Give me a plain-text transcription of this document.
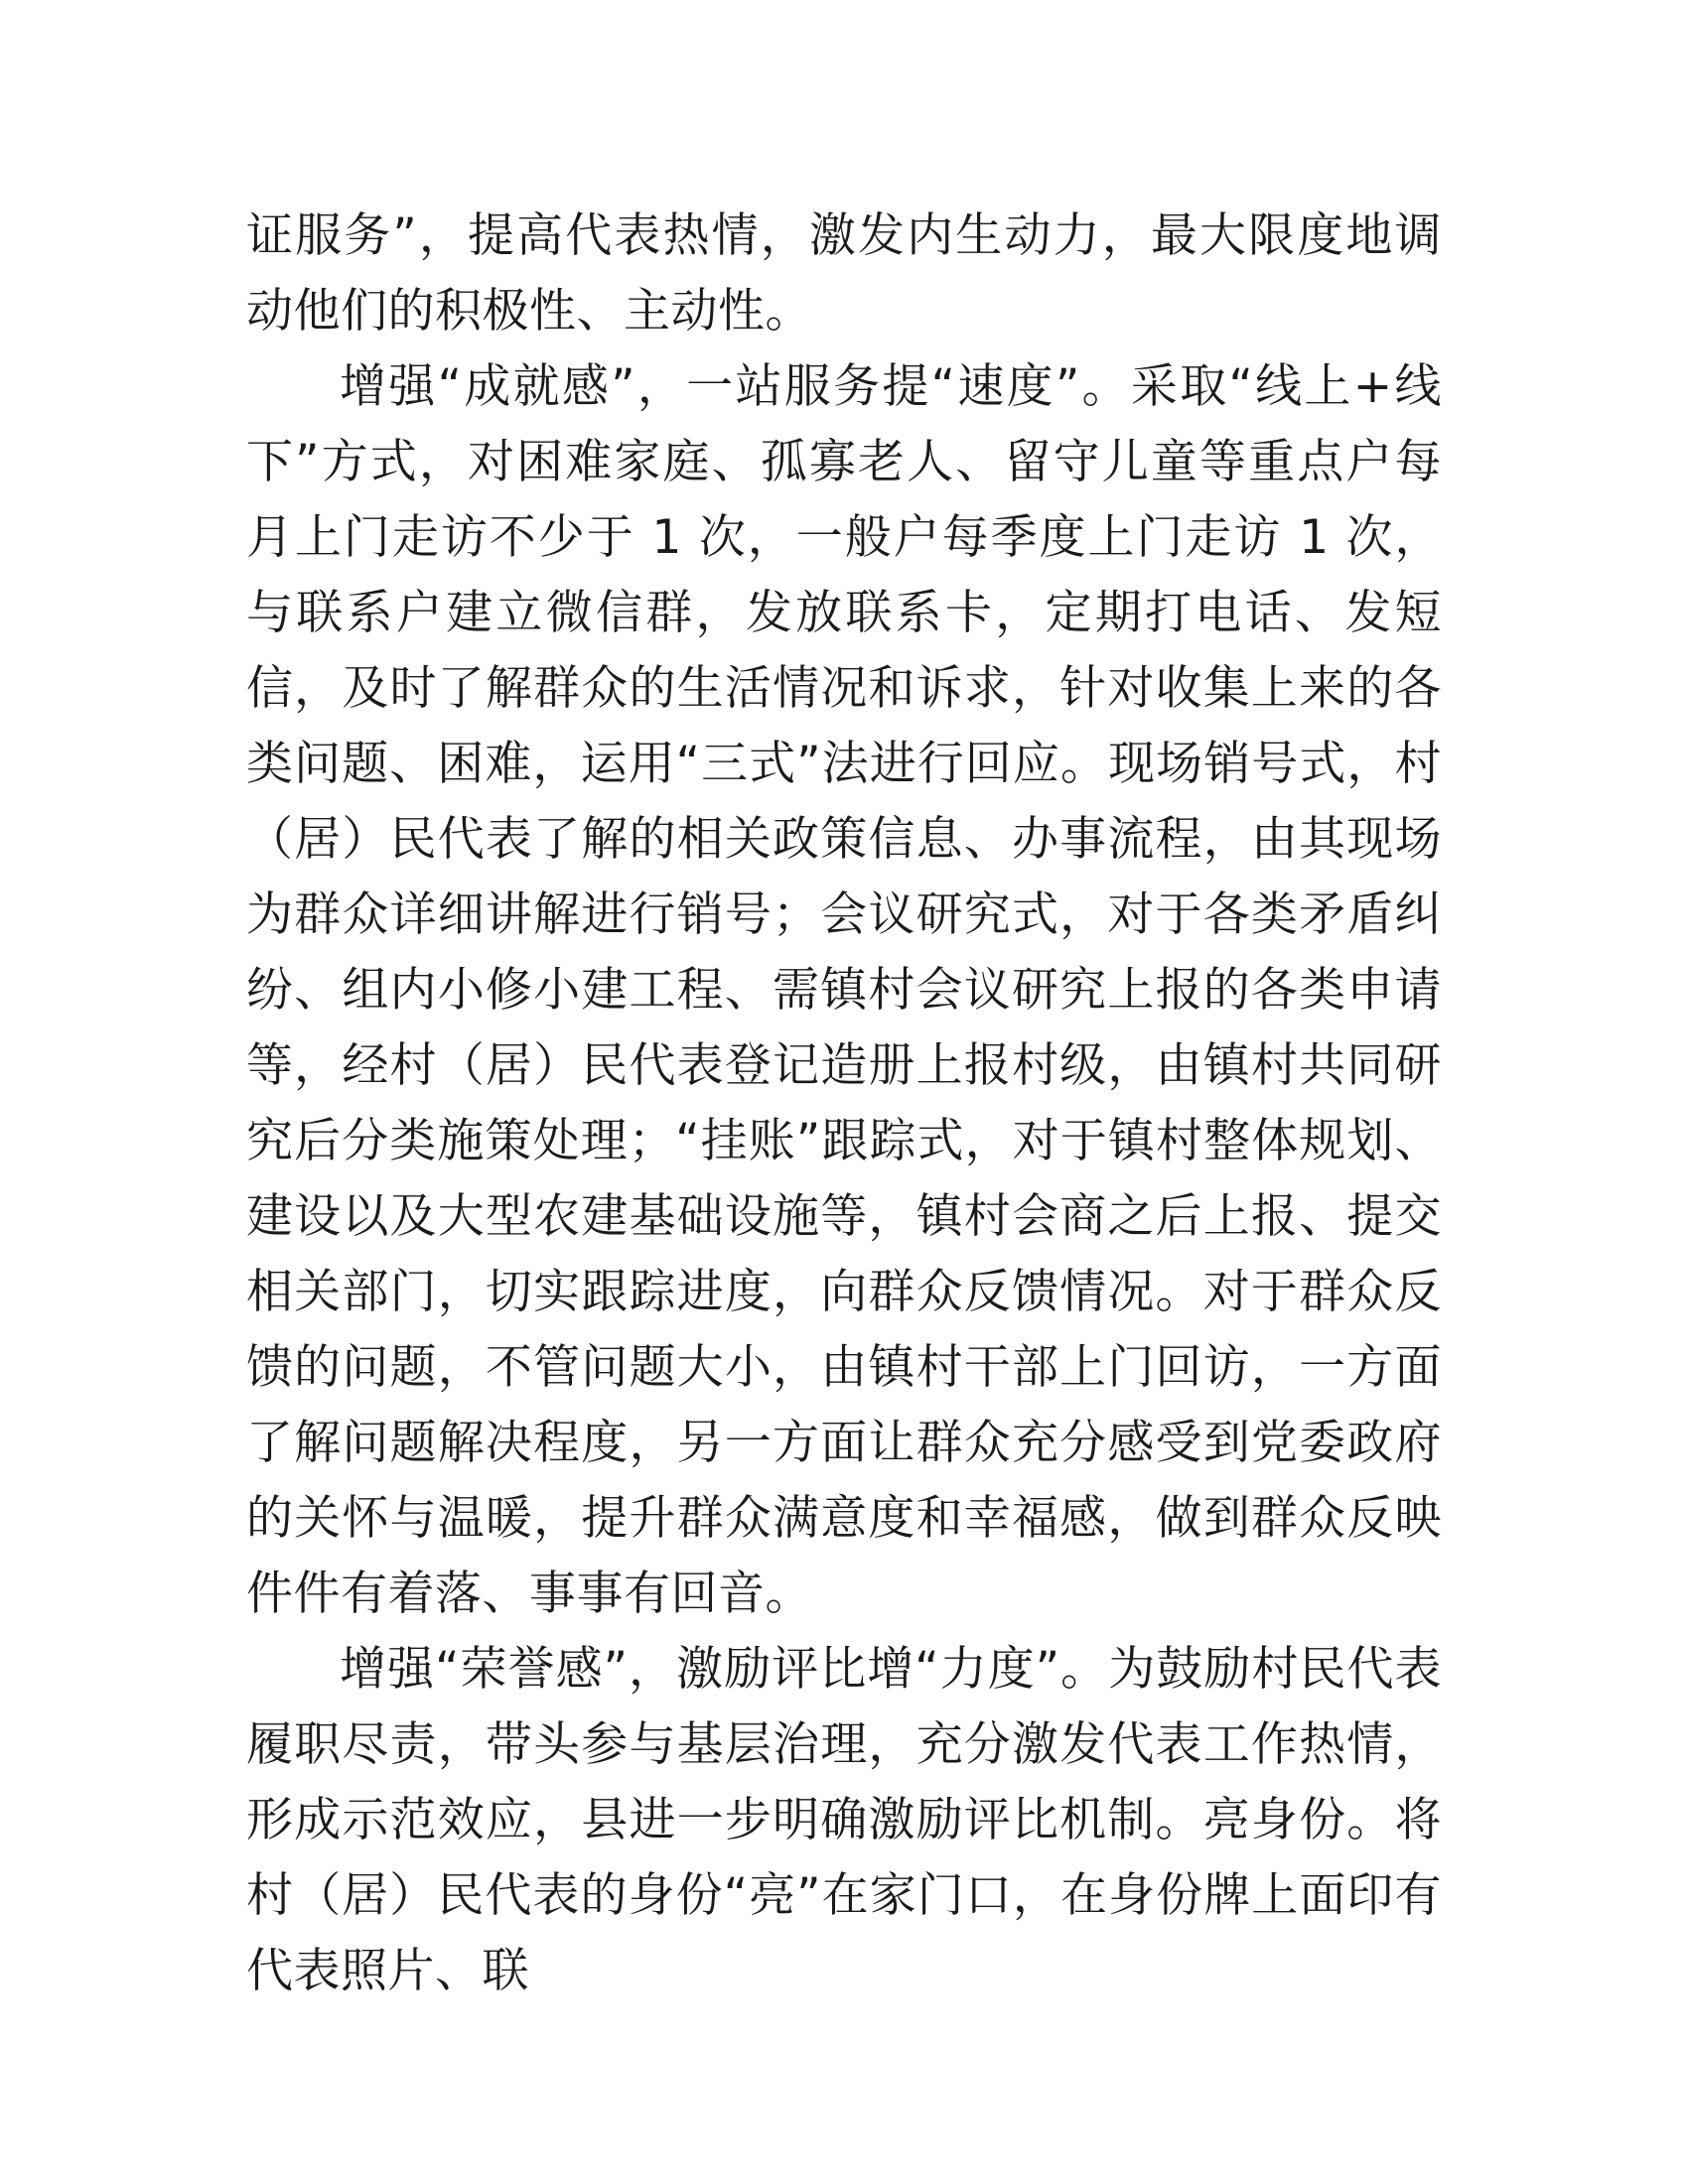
证服务”，提高代表热情，激发内生动力，最大限度地调动他们的积极性、主动性。

增强“成就感”，一站服务提“速度”。采取“线上+线下”方式，对困难家庭、孤寡老人、留守儿童等重点户每月上门走访不少于 1 次，一般户每季度上门走访 1 次，与联系户建立微信群，发放联系卡，定期打电话、发短信，及时了解群众的生活情况和诉求，针对收集上来的各类问题、困难，运用“三式”法进行回应。现场销号式，村（居）民代表了解的相关政策信息、办事流程，由其现场为群众详细讲解进行销号；会议研究式，对于各类矛盾纠纷、组内小修小建工程、需镇村会议研究上报的各类申请等，经村（居）民代表登记造册上报村级，由镇村共同研究后分类施策处理；“挂账”跟踪式，对于镇村整体规划、建设以及大型农建基础设施等，镇村会商之后上报、提交相关部门，切实跟踪进度，向群众反馈情况。对于群众反馈的问题，不管问题大小，由镇村干部上门回访，一方面了解问题解决程度，另一方面让群众充分感受到党委政府的关怀与温暖，提升群众满意度和幸福感，做到群众反映件件有着落、事事有回音。

增强“荣誉感”，激励评比增“力度”。为鼓励村民代表履职尽责，带头参与基层治理，充分激发代表工作热情，形成示范效应，县进一步明确激励评比机制。亮身份。将村（居）民代表的身份“亮”在家门口，在身份牌上面印有代表照片、联
